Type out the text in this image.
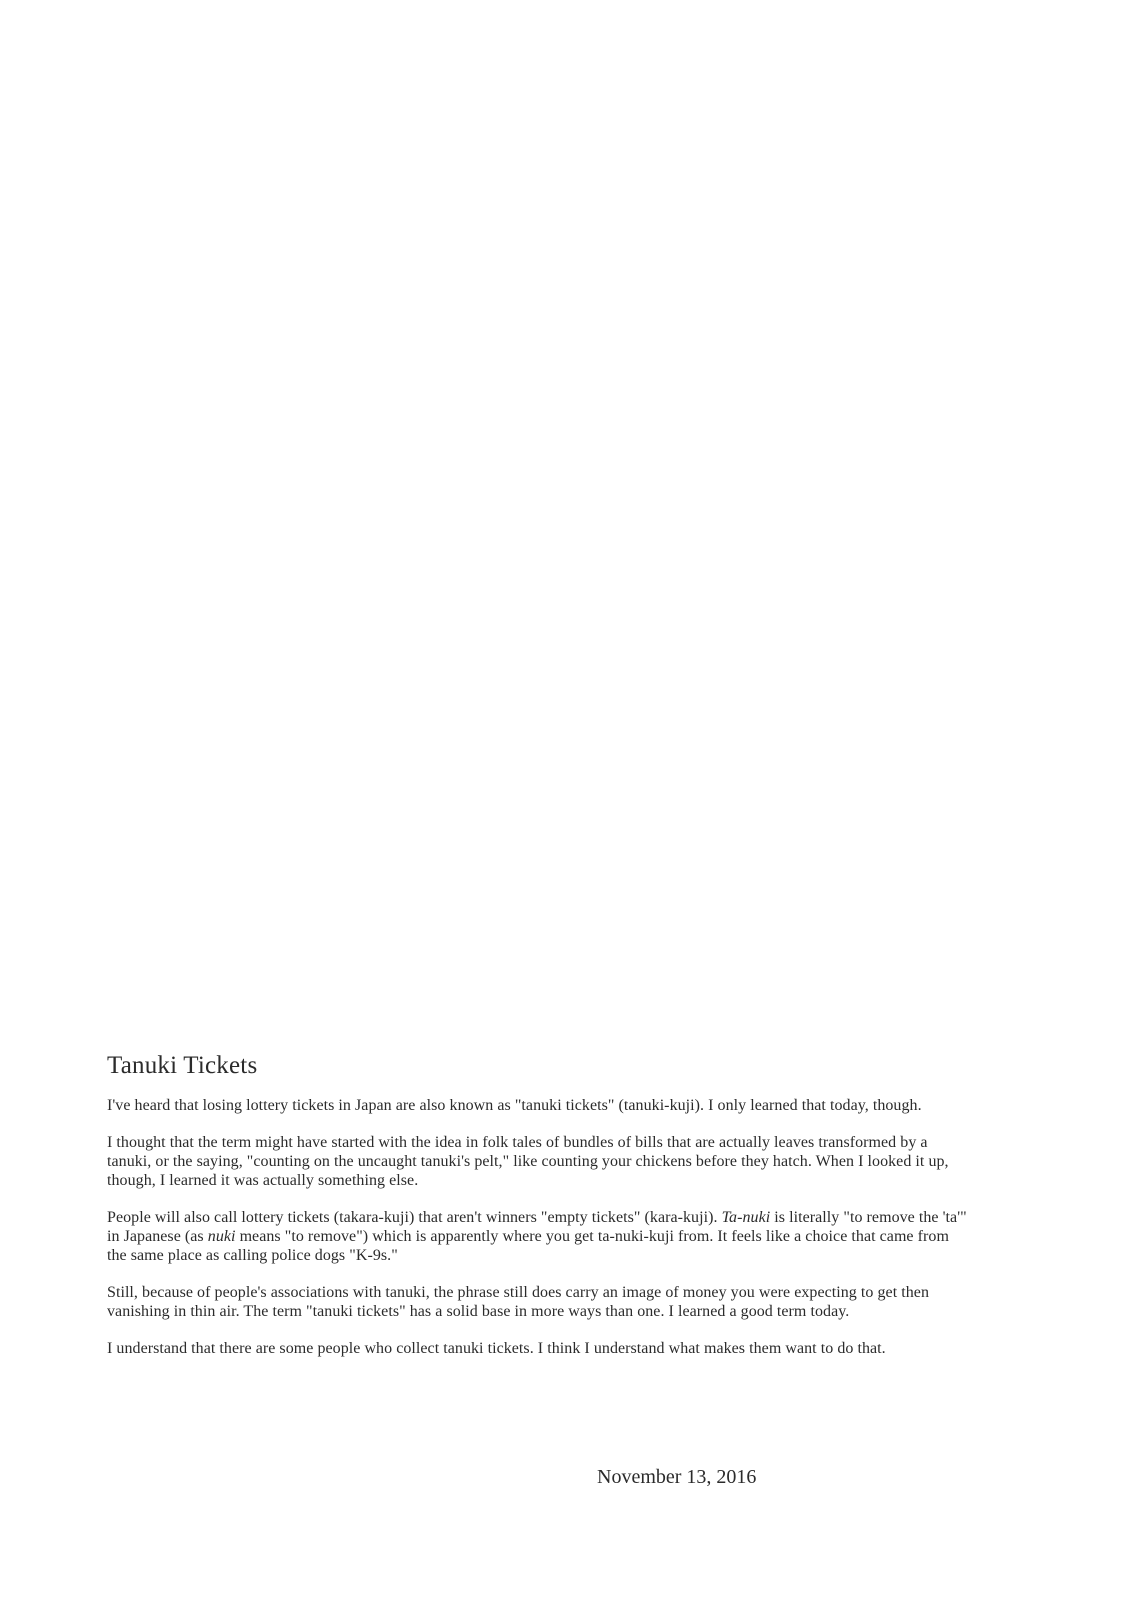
Tanuki Tickets

I've heard that losing lottery tickets in Japan are also known as "tanuki tickets" (tanuki-kuji). I only learned that today, though.

I thought that the term might have started with the idea in folk tales of bundles of bills that are actually leaves transformed by a tanuki, or the saying, "counting on the uncaught tanuki's pelt," like counting your chickens before they hatch. When I looked it up, though, I learned it was actually something else.

People will also call lottery tickets (takara-kuji) that aren't winners "empty tickets" (kara-kuji). Ta-nuki is literally "to remove the 'ta'" in Japanese (as nuki means "to remove") which is apparently where you get ta-nuki-kuji from. It feels like a choice that came from the same place as calling police dogs "K-9s."

Still, because of people's associations with tanuki, the phrase still does carry an image of money you were expecting to get then vanishing in thin air. The term "tanuki tickets" has a solid base in more ways than one. I learned a good term today.

I understand that there are some people who collect tanuki tickets. I think I understand what makes them want to do that.

November 13, 2016
